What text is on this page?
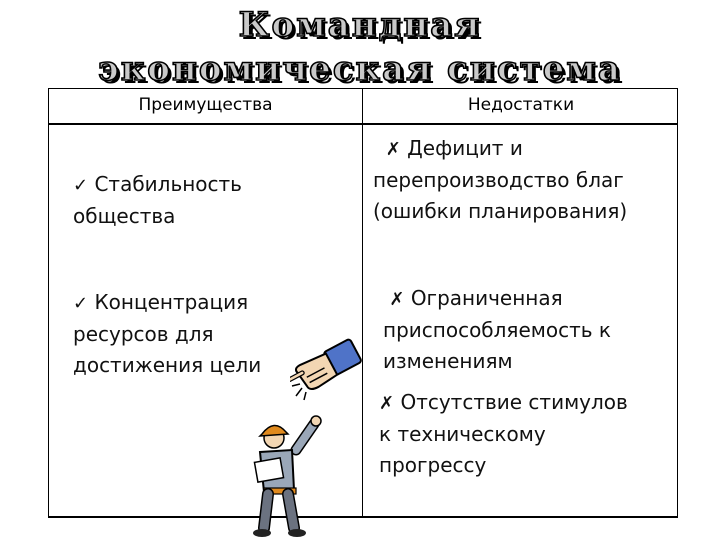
Командная
экономическая система
Преимущества	Недостатки
✓ Стабильность
общества
✓ Концентрация
ресурсов для
достижения цели
✗ Дефицит и
перепроизводство благ
(ошибки планирования)
✗ Ограниченная
приспособляемость к
изменениям
✗ Отсутствие стимулов
к техническому
прогрессу
